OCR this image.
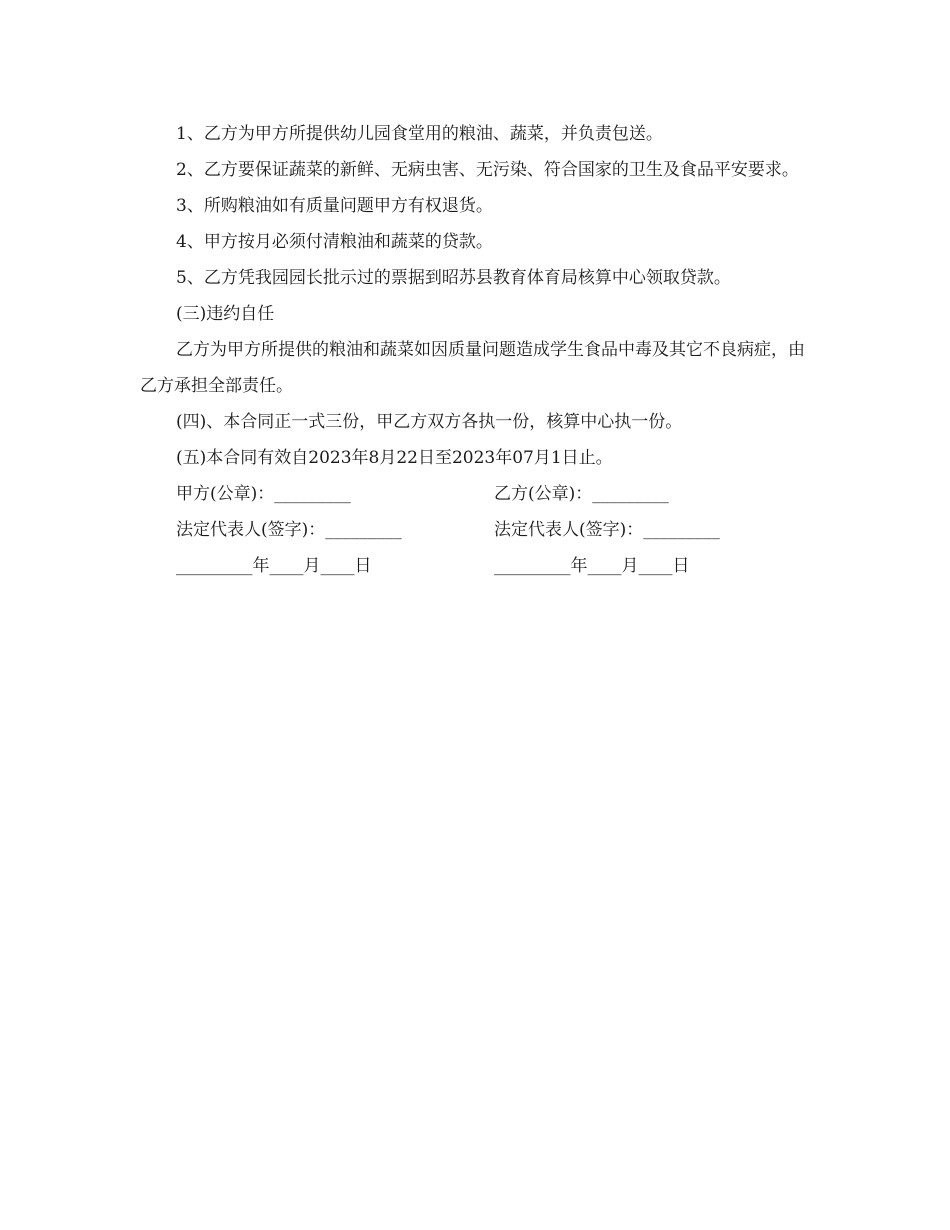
1、乙方为甲方所提供幼儿园食堂用的粮油、蔬菜，并负责包送。

2、乙方要保证蔬菜的新鲜、无病虫害、无污染、符合国家的卫生及食品平安要求。

3、所购粮油如有质量问题甲方有权退货。

4、甲方按月必须付清粮油和蔬菜的贷款。

5、乙方凭我园园长批示过的票据到昭苏县教育体育局核算中心领取贷款。

(三)违约自任

乙方为甲方所提供的粮油和蔬菜如因质量问题造成学生食品中毒及其它不良病症，由乙方承担全部责任。

(四)、本合同正一式三份，甲乙方双方各执一份，核算中心执一份。

(五)本合同有效自2023年8月22日至2023年07月1日止。

甲方(公章)：_________	乙方(公章)：_________
法定代表人(签字)：_________	法定代表人(签字)：_________
_________年____月____日	_________年____月____日
